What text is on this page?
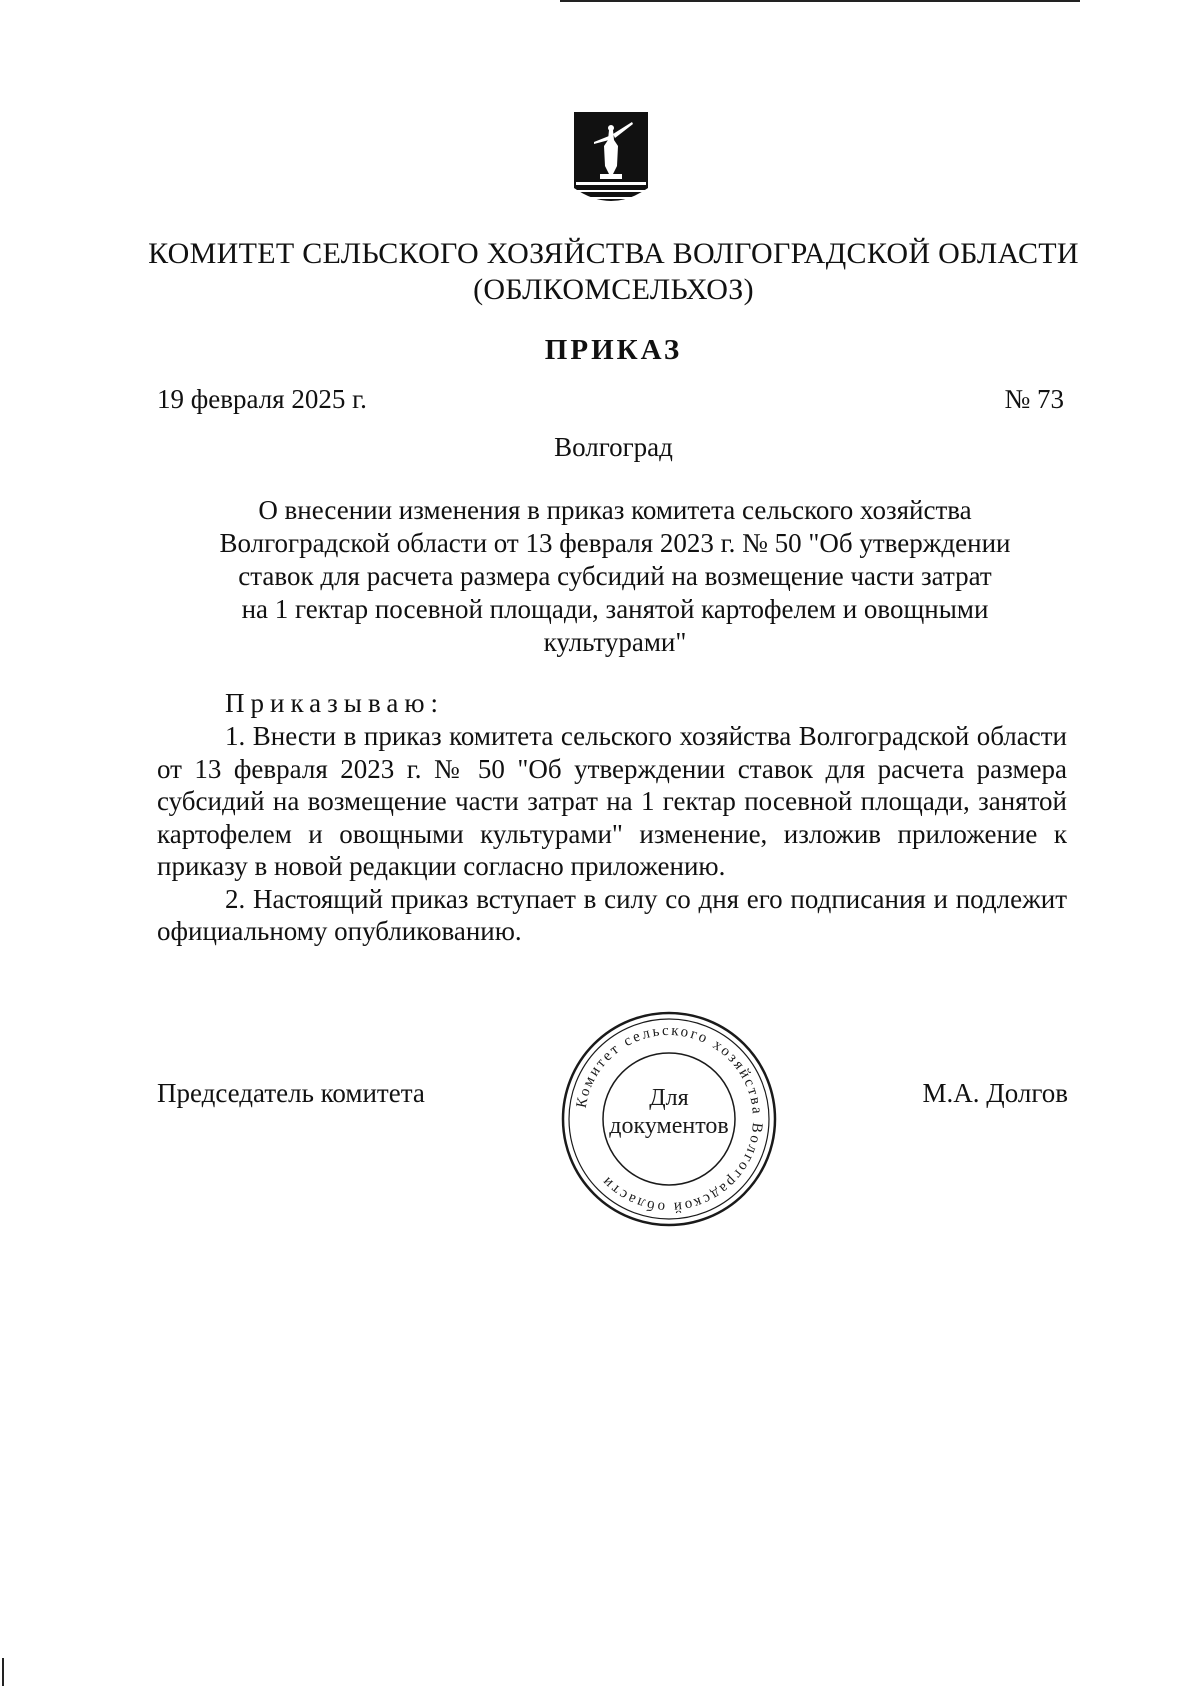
КОМИТЕТ СЕЛЬСКОГО ХОЗЯЙСТВА ВОЛГОГРАДСКОЙ ОБЛАСТИ
(ОБЛКОМСЕЛЬХОЗ)
ПРИКАЗ
19 февраля 2025 г.	№ 73
Волгоград
О внесении изменения в приказ комитета сельского хозяйства
Волгоградской области от 13 февраля 2023 г. № 50 "Об утверждении
ставок для расчета размера субсидий на возмещение части затрат
на 1 гектар посевной площади, занятой картофелем и овощными
культурами"
Приказываю:

1. Внести в приказ комитета сельского хозяйства Волгоградской области от 13 февраля 2023 г. № 50 "Об утверждении ставок для расчета размера субсидий на возмещение части затрат на 1 гектар посевной площади, занятой картофелем и овощными культурами" изменение, изложив приложение к приказу в новой редакции согласно приложению.

2. Настоящий приказ вступает в силу со дня его подписания и подлежит официальному опубликованию.

Председатель комитета	М.А. Долгов
Комитет сельского хозяйства Волгоградской области
Для
документов
